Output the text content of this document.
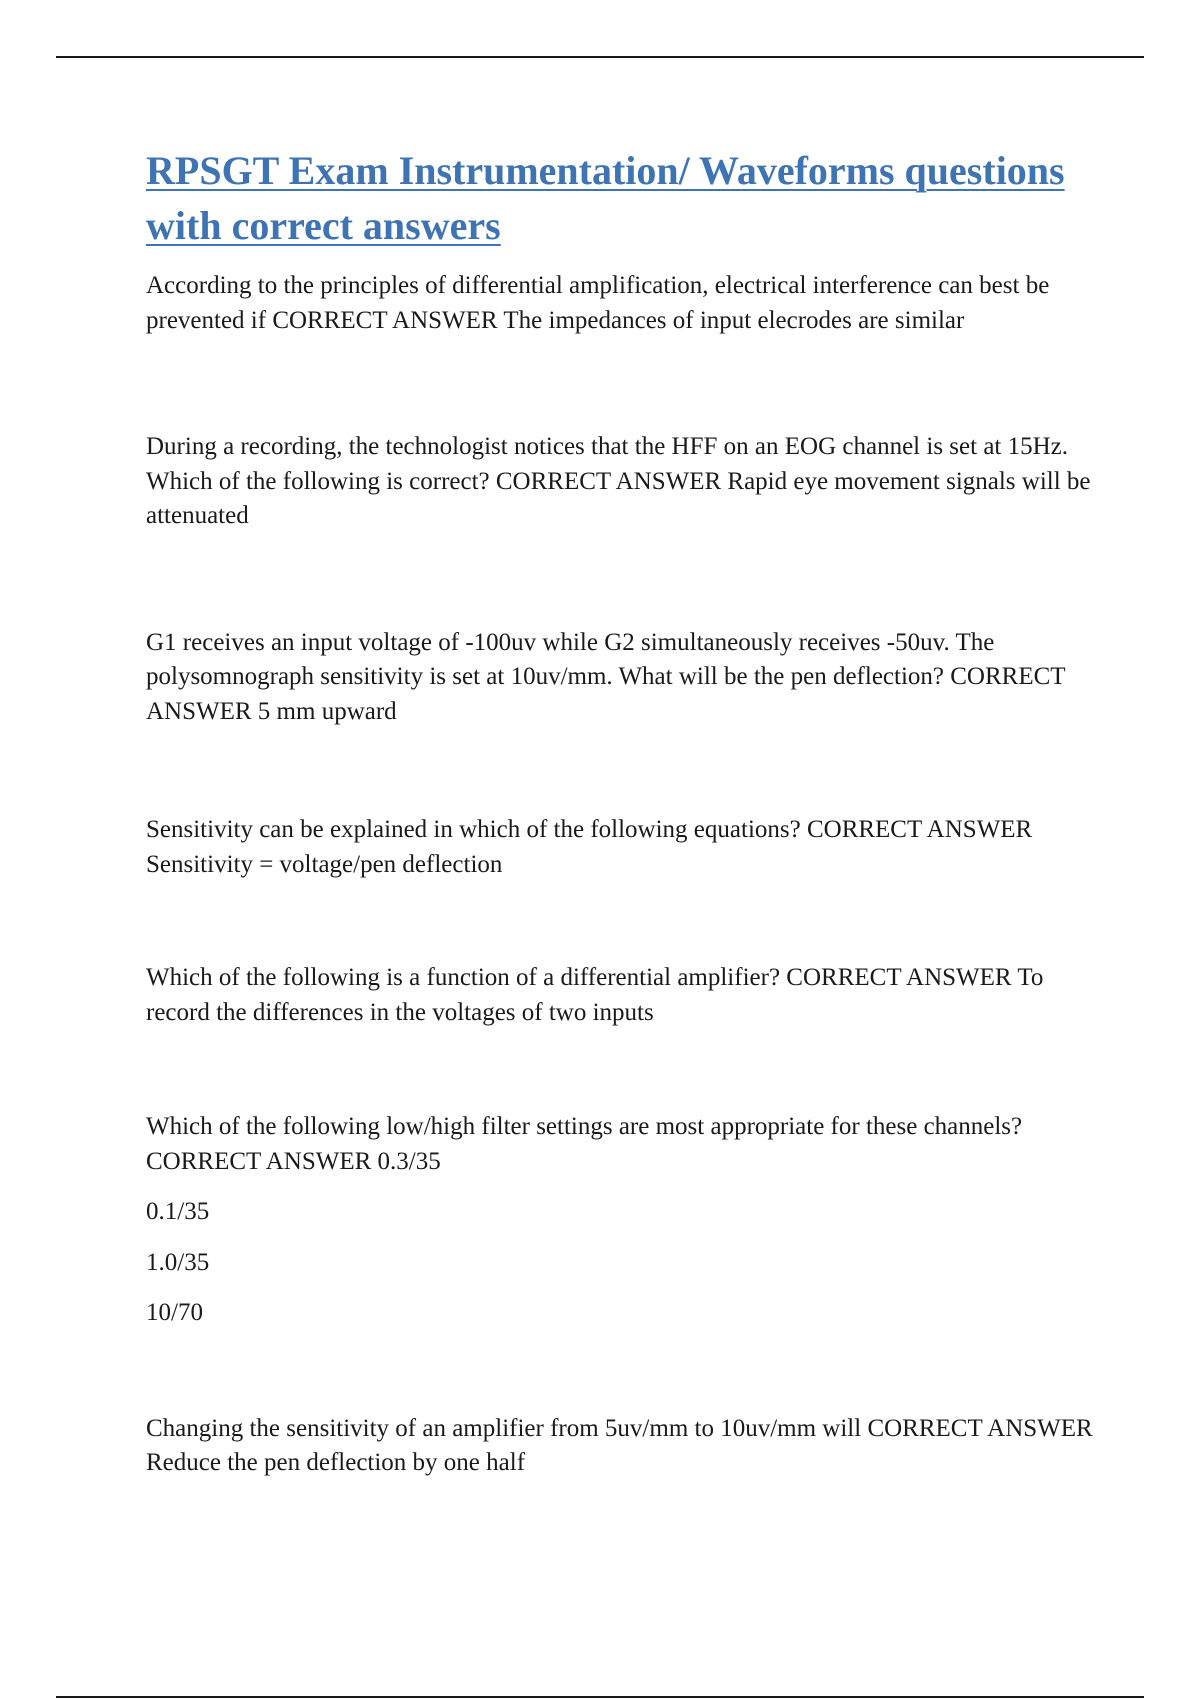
RPSGT Exam Instrumentation/ Waveforms questions with correct answers

According to the principles of differential amplification, electrical interference can best be prevented if CORRECT ANSWER The impedances of input elecrodes are similar

During a recording, the technologist notices that the HFF on an EOG channel is set at 15Hz. Which of the following is correct? CORRECT ANSWER Rapid eye movement signals will be attenuated

G1 receives an input voltage of -100uv while G2 simultaneously receives -50uv. The polysomnograph sensitivity is set at 10uv/mm. What will be the pen deflection? CORRECT ANSWER 5 mm upward

Sensitivity can be explained in which of the following equations? CORRECT ANSWER Sensitivity = voltage/pen deflection

Which of the following is a function of a differential amplifier? CORRECT ANSWER To record the differences in the voltages of two inputs

Which of the following low/high filter settings are most appropriate for these channels? CORRECT ANSWER 0.3/35

0.1/35

1.0/35

10/70

Changing the sensitivity of an amplifier from 5uv/mm to 10uv/mm will CORRECT ANSWER Reduce the pen deflection by one half
